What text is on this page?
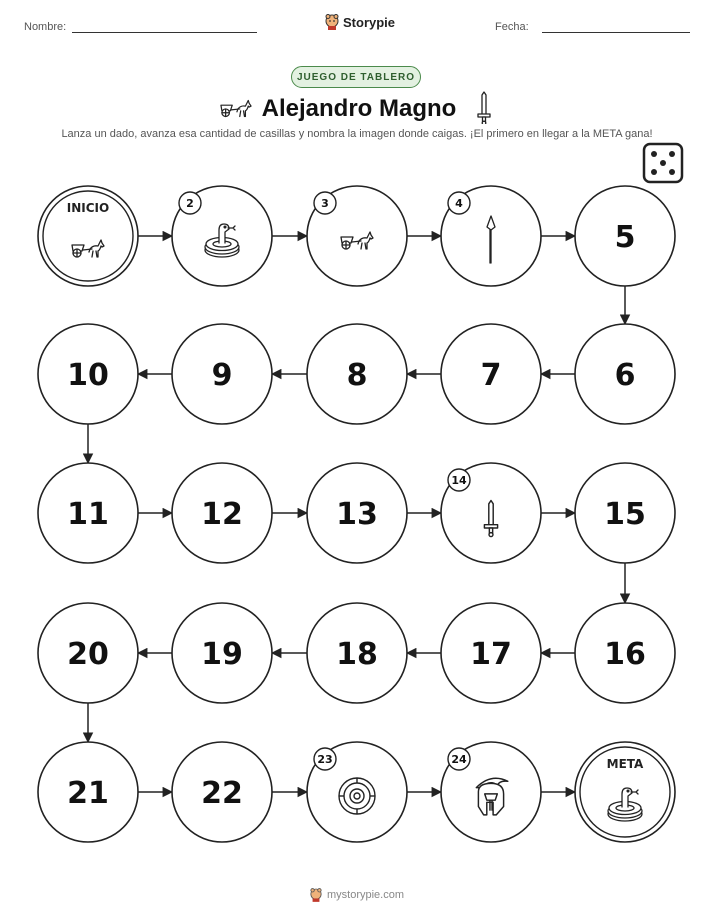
Nombre:	Storypie	Fecha:
JUEGO DE TABLERO
Alejandro Magno
Lanza un dado, avanza esa cantidad de casillas y nombra la imagen donde caigas. ¡El primero en llegar a la META gana!
INICIO	2	3	4
5
6
7
8
9
10
11	12	13
14
15
16
17
18
19
20
21	22
23	24	META
mystorypie.com
